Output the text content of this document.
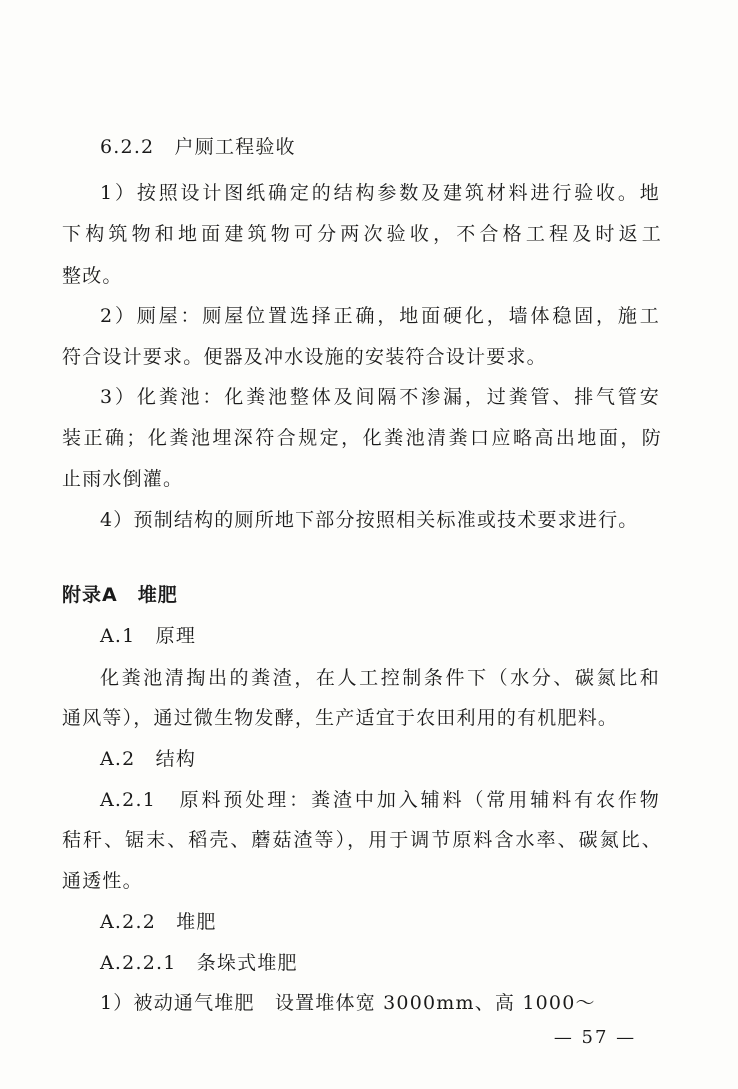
6.2.2　户厕工程验收
1）按照设计图纸确定的结构参数及建筑材料进行验收。地
下构筑物和地面建筑物可分两次验收，不合格工程及时返工
整改。
2）厕屋：厕屋位置选择正确，地面硬化，墙体稳固，施工
符合设计要求。便器及冲水设施的安装符合设计要求。
3）化粪池：化粪池整体及间隔不渗漏，过粪管、排气管安
装正确；化粪池埋深符合规定，化粪池清粪口应略高出地面，防
止雨水倒灌。
4）预制结构的厕所地下部分按照相关标准或技术要求进行。
附录A　堆肥
A.1　原理
化粪池清掏出的粪渣，在人工控制条件下（水分、碳氮比和
通风等），通过微生物发酵，生产适宜于农田利用的有机肥料。
A.2　结构
A.2.1　原料预处理：粪渣中加入辅料（常用辅料有农作物
秸秆、锯末、稻壳、蘑菇渣等），用于调节原料含水率、碳氮比、
通透性。
A.2.2　堆肥
A.2.2.1　条垛式堆肥
1）被动通气堆肥　设置堆体宽 3000mm、高 1000～
— 57 —
